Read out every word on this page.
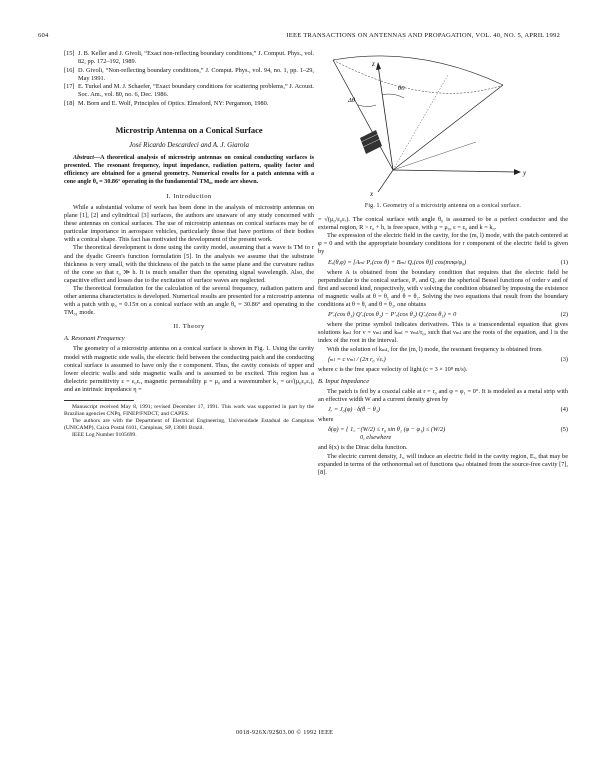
604	IEEE TRANSACTIONS ON ANTENNAS AND PROPAGATION, VOL. 40, NO. 5, APRIL 1992
[15] J. B. Keller and J. Givoli, “Exact non-reflecting boundary conditions,” J. Comput. Phys., vol. 82, pp. 172–192, 1989.
[16] D. Givoli, “Non-reflecting boundary conditions,” J. Comput. Phys., vol. 94, no. 1, pp. 1–29, May 1991.
[17] E. Turkel and M. J. Schaefer, “Exact boundary conditions for scattering problems,” J. Acoust. Soc. Am., vol. 80, no. 6, Dec. 1986.
[18] M. Born and E. Wolf, Principles of Optics. Elmsford, NY: Pergamon, 1980.
Microstrip Antenna on a Conical Surface
José Ricardo Descardeci and A. J. Giarola

Abstract—A theoretical analysis of microstrip antennas on conical conducting surfaces is presented. The resonant frequency, input impedance, radiation pattern, quality factor and efficiency are obtained for a general geometry. Numerical results for a patch antenna with a cone angle θ₀ = 30.86° operating in the fundamental TM₀₁ mode are shown.

I. Introduction

While a substantial volume of work has been done in the analysis of microstrip antennas on plane [1], [2] and cylindrical [3] surfaces, the authors are unaware of any study concerned with these antennas on conical surfaces. The use of microstrip antennas on conical surfaces may be of particular importance in aerospace vehicles, particularly those that have portions of their bodies with a conical shape. This fact has motivated the development of the present work.

The theoretical development is done using the cavity model, assuming that a wave is TM to r and the dyadic Green's function formulation [5]. In the analysis we assume that the substrate thickness is very small, with the thickness of the patch in the same plane and the curvature radius of the cone so that r₀ ≫ h. It is much smaller than the operating signal wavelength. Also, the capacitive effect and losses due to the excitation of surface waves are neglected.

The theoretical formulation for the calculation of the several frequency, radiation pattern and other antenna characteristics is developed. Numerical results are presented for a microstrip antenna with a patch with φ₀ = 0.15π on a conical surface with an angle θ₀ = 30.86° and operating in the TM₀₁ mode.

II. Theory
A. Resonant Frequency

The geometry of a microstrip antenna on a conical surface is shown in Fig. 1. Using the cavity model with magnetic side walls, the electric field between the conducting patch and the conducting conical surface is assumed to have only the r component. Thus, the cavity consists of upper and lower electric walls and side magnetic walls and is assumed to be excited. This region has a dielectric permittivity ε = ε₀εᵣ, magnetic permeability μ = μ₀ and a wavenumber k₁ = ω√(μ₀ε₀εᵣ), and an intrinsic impedance η =

Manuscript received May 8, 1991; revised December 17, 1991. This work was supported in part by the Brazilian agencies CNPq, FINEP/FNDCT, and CAPES.

The authors are with the Department of Electrical Engineering, Universidade Estadual de Campinas (UNICAMP), Caixa Postal 6101, Campinas, SP, 13081 Brazil.

IEEE Log Number 9105699.

z
θ0
Δθ
y
x
Fig. 1. Geometry of a microstrip antenna on a conical surface.

= √(μ₀/ε₀εᵣ). The conical surface with angle θ₀ is assumed to be a perfect conductor and the external region, R > r₀ + h, is free space, with μ = μ₀, ε = ε₀ and k = k₀.

The expression of the electric field in the cavity, for the (m, l) mode, with the patch centered at φ = 0 and with the appropriate boundary conditions for r component of the electric field is given by

Eᵣ(θ,φ) = [Aₘₗ Pᵥ(cos θ) + Bₘₗ Qᵥ(cos θ)] cos(mπφ/φ₀)	(1)

where A is obtained from the boundary condition that requires that the electric field be perpendicular to the conical surface, Pᵥ and Qᵥ are the spherical Bessel functions of order ν and of first and second kind, respectively, with ν solving the condition obtained by imposing the existence of magnetic walls at θ = θ₁ and θ = θ₂. Solving the two equations that result from the boundary conditions at θ = θ₁ and θ = θ₂, one obtains

P′ᵥ(cos θ₁) Q′ᵥ(cos θ₂) − P′ᵥ(cos θ₂) Q′ᵥ(cos θ₁) = 0	(2)

where the prime symbol indicates derivatives. This is a transcendental equation that gives solutions kₘₗ for ν = νₘₗ and kₘₗ = νₘₗ/r₀, such that νₘₗ are the roots of the equation, and l is the index of the root in the interval.

With the solution of kₘₗ, for the (m, l) mode, the resonant frequency is obtained from

fₘₗ = c νₘₗ / (2π r₀ √εᵣ)	(3)

where c is the free space velocity of light (c = 3 × 10⁸ m/s).

B. Input Impedance

The patch is fed by a coaxial cable at r = r₀ and φ = φ₁ = 0°. It is modeled as a metal strip with an effective width W and a current density given by

Jᵣ = J₀(φ) · δ(θ − θ₁)	(4)

where

δ(φ) = { 1, −(W/2) ≤ r₀ sin θ₁ (φ − φ₁) ≤ (W/2)
0, elsewhere
(5)

and δ(x) is the Dirac delta function.

The electric current density, Jᵣ, will induce an electric field in the cavity region, Eᵣ, that may be expanded in terms of the orthonormal set of functions ψₘₗ obtained from the source-free cavity [7], [8].

0018-926X/92$03.00 © 1992 IEEE
